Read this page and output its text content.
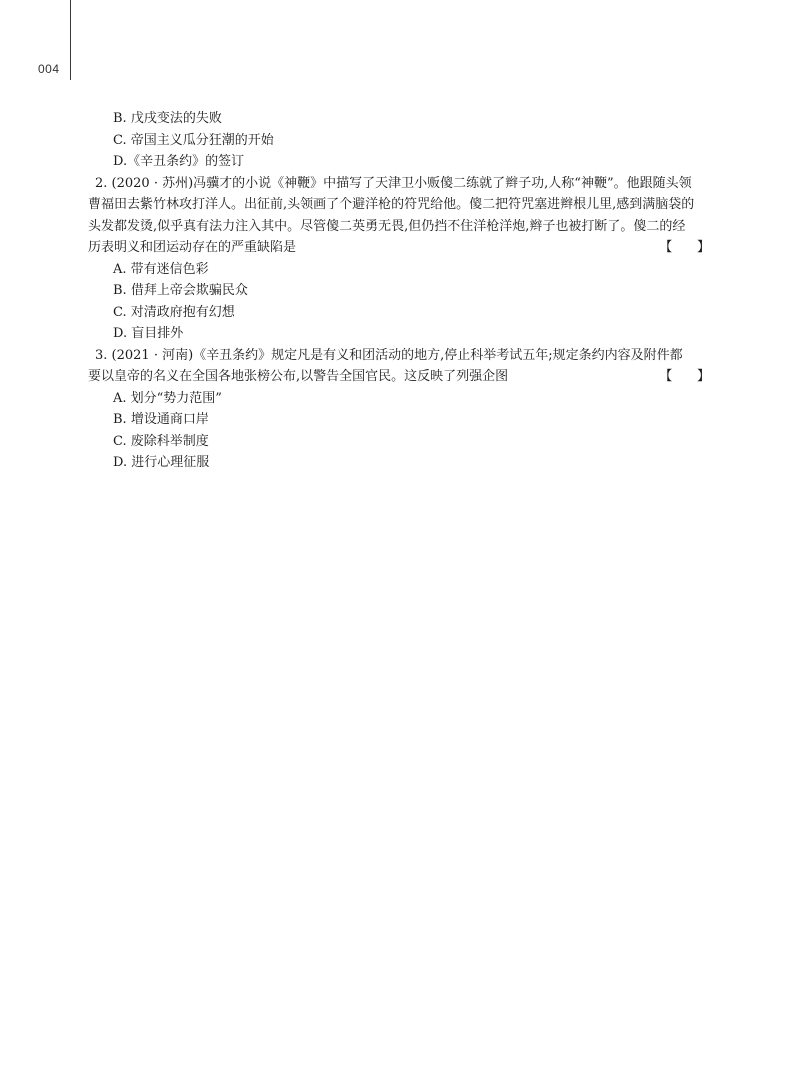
004
B. 戊戌变法的失败
C. 帝国主义瓜分狂潮的开始
D.《辛丑条约》的签订
2. (2020 · 苏州)冯骥才的小说《神鞭》中描写了天津卫小贩傻二练就了辫子功,人称“神鞭”。他跟随头领
曹福田去紫竹林攻打洋人。出征前,头领画了个避洋枪的符咒给他。傻二把符咒塞进辫根儿里,感到满脑袋的
头发都发烫,似乎真有法力注入其中。尽管傻二英勇无畏,但仍挡不住洋枪洋炮,辫子也被打断了。傻二的经
历表明义和团运动存在的严重缺陷是	【      】
A. 带有迷信色彩
B. 借拜上帝会欺骗民众
C. 对清政府抱有幻想
D. 盲目排外
3. (2021 · 河南)《辛丑条约》规定凡是有义和团活动的地方,停止科举考试五年;规定条约内容及附件都
要以皇帝的名义在全国各地张榜公布,以警告全国官民。这反映了列强企图	【      】
A. 划分“势力范围”
B. 增设通商口岸
C. 废除科举制度
D. 进行心理征服
